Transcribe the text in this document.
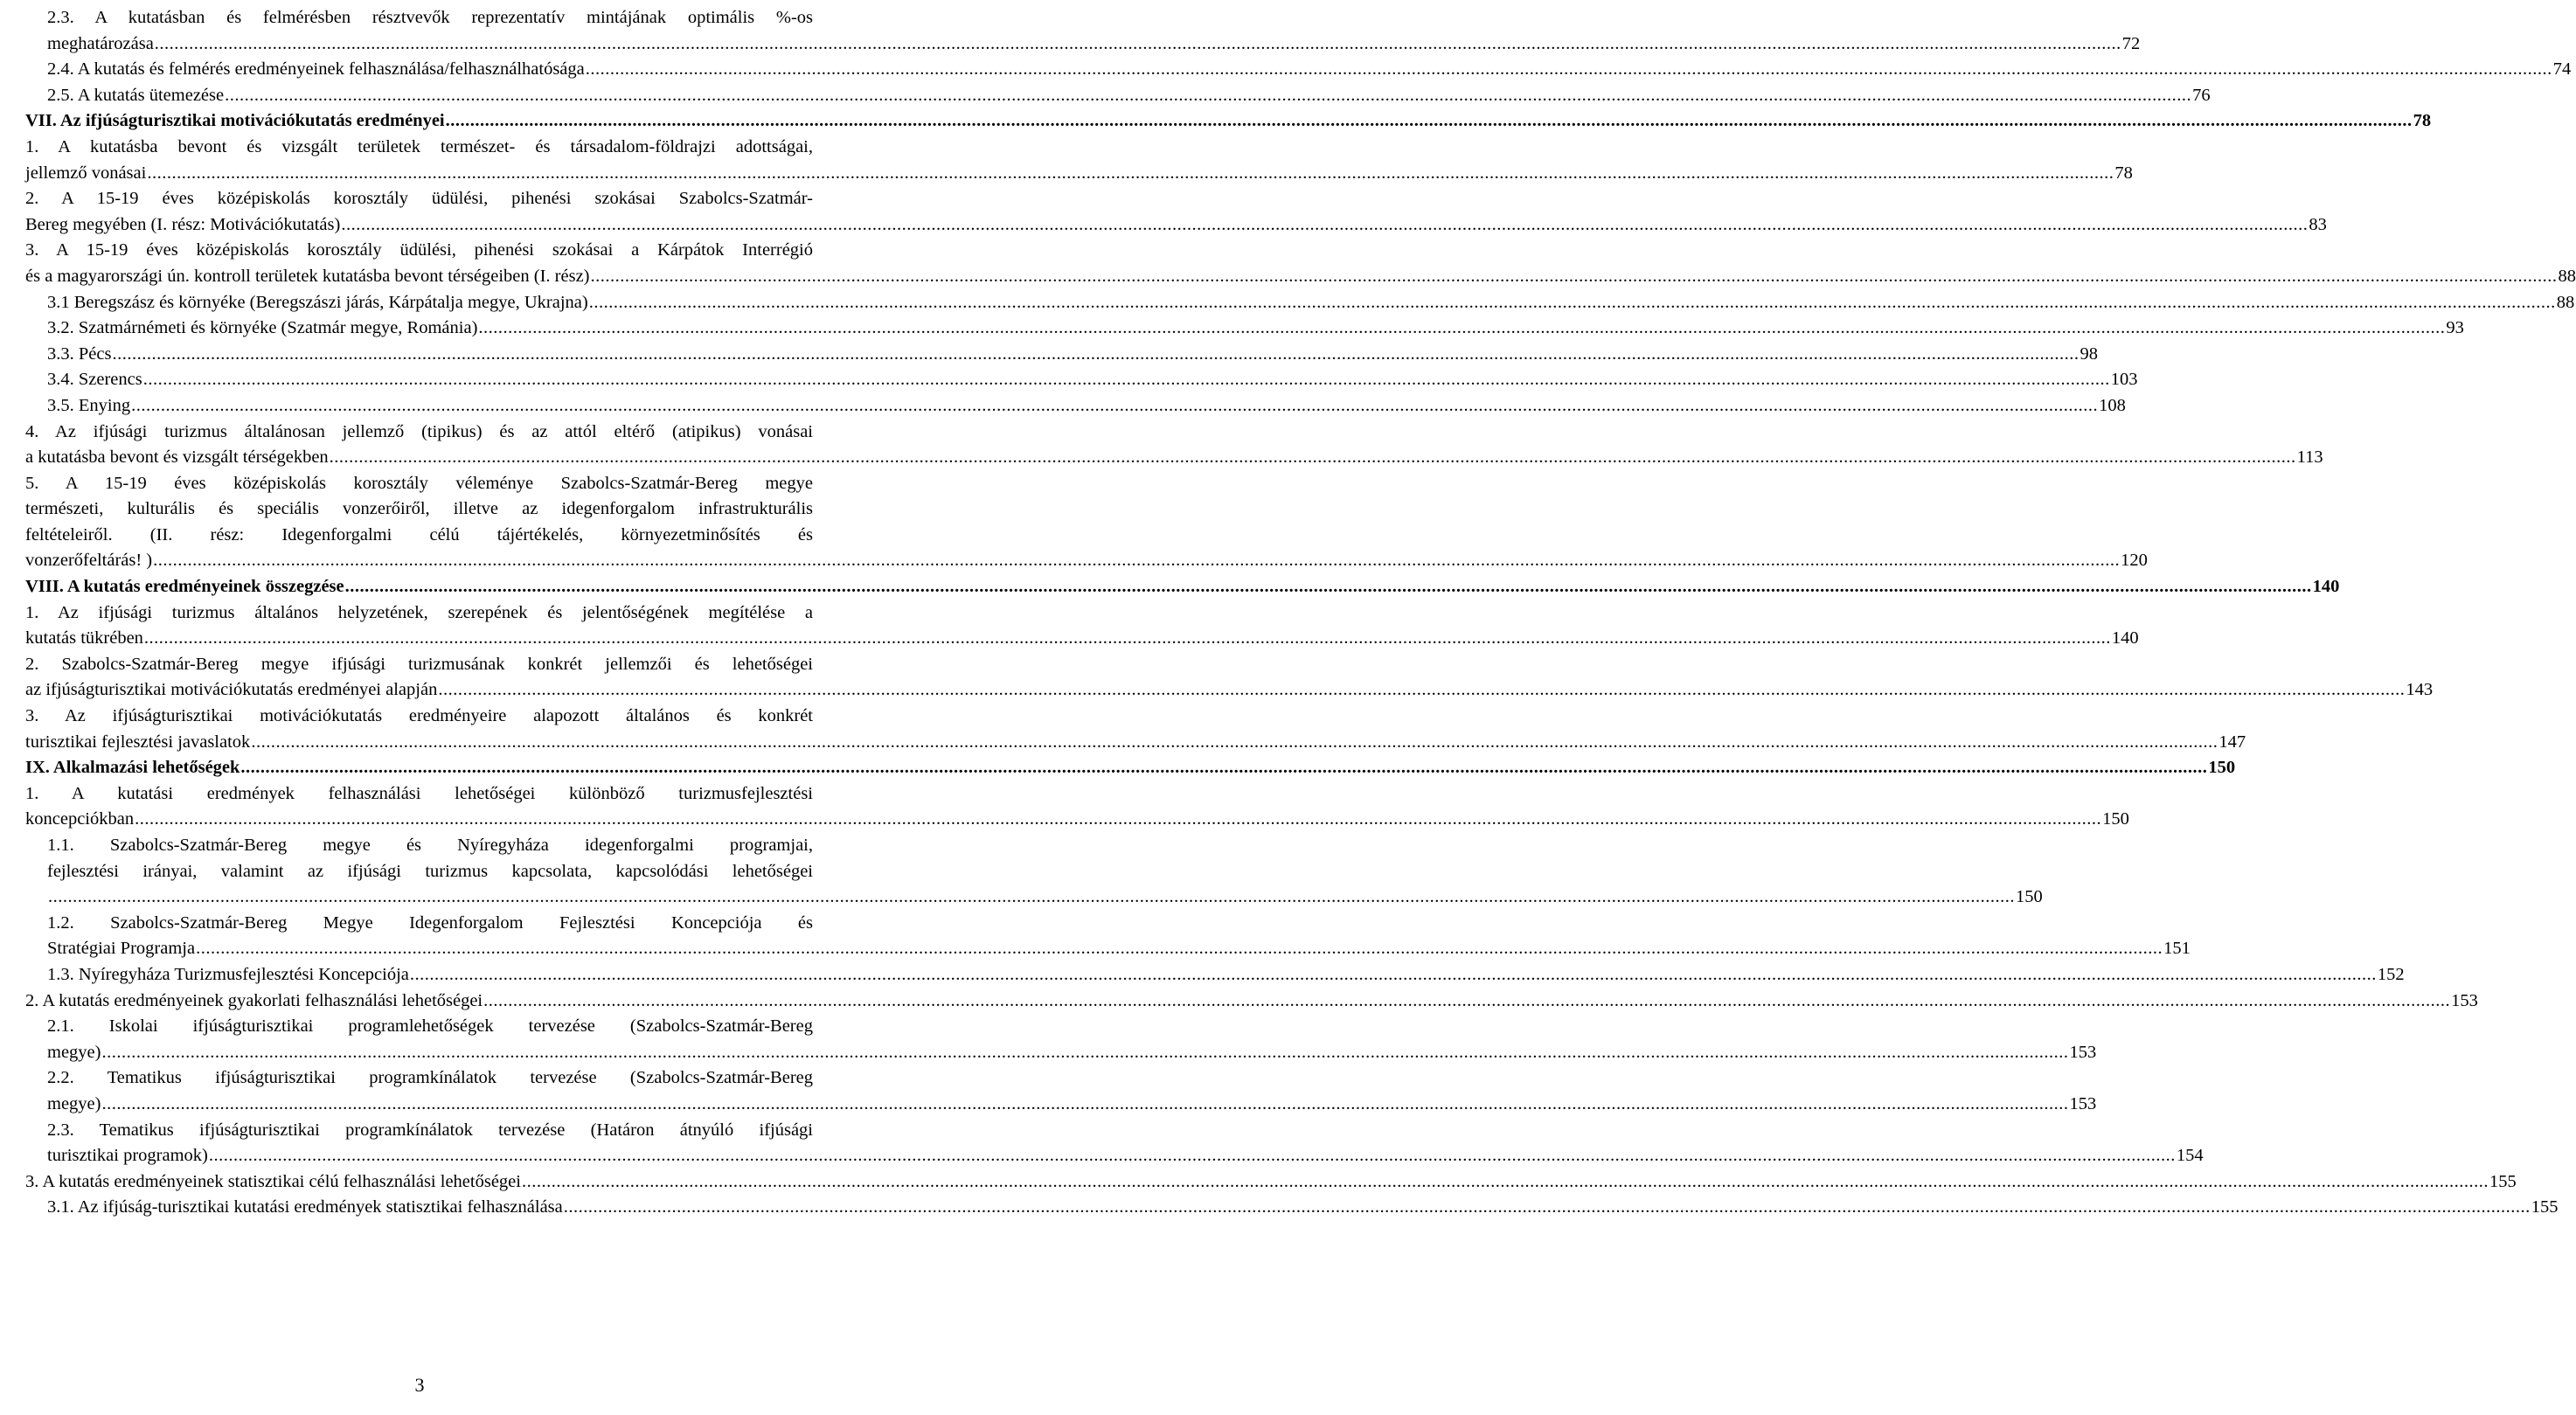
2.3. A kutatásban és felmérésben résztvevők reprezentatív mintájának optimális %-os
meghatározása ................................................................................................................................................................................................................................................................................................................................................................................................................ 72
2.4. A kutatás és felmérés eredményeinek felhasználása/felhasználhatósága ................................................................................................................................................................................................................................................................................................................................................................................................................ 74
2.5. A kutatás ütemezése ................................................................................................................................................................................................................................................................................................................................................................................................................ 76
VII. Az ifjúságturisztikai motivációkutatás eredményei ................................................................................................................................................................................................................................................................................................................................................................................................................ 78
1. A kutatásba bevont és vizsgált területek természet- és társadalom-földrajzi adottságai,
jellemző vonásai ................................................................................................................................................................................................................................................................................................................................................................................................................ 78
2. A 15-19 éves középiskolás korosztály üdülési, pihenési szokásai Szabolcs-Szatmár-
Bereg megyében (I. rész: Motivációkutatás) ................................................................................................................................................................................................................................................................................................................................................................................................................ 83
3. A 15-19 éves középiskolás korosztály üdülési, pihenési szokásai a Kárpátok Interrégió
és a magyarországi ún. kontroll területek kutatásba bevont térségeiben (I. rész) ................................................................................................................................................................................................................................................................................................................................................................................................................ 88
3.1 Beregszász és környéke (Beregszászi járás, Kárpátalja megye, Ukrajna) ................................................................................................................................................................................................................................................................................................................................................................................................................ 88
3.2. Szatmárnémeti és környéke (Szatmár megye, Románia) ................................................................................................................................................................................................................................................................................................................................................................................................................ 93
3.3. Pécs ................................................................................................................................................................................................................................................................................................................................................................................................................ 98
3.4. Szerencs ................................................................................................................................................................................................................................................................................................................................................................................................................ 103
3.5. Enying ................................................................................................................................................................................................................................................................................................................................................................................................................ 108
4. Az ifjúsági turizmus általánosan jellemző (tipikus) és az attól eltérő (atipikus) vonásai
a kutatásba bevont és vizsgált térségekben ................................................................................................................................................................................................................................................................................................................................................................................................................ 113
5. A 15-19 éves középiskolás korosztály véleménye Szabolcs-Szatmár-Bereg megye
természeti, kulturális és speciális vonzerőiről, illetve az idegenforgalom infrastrukturális
feltételeiről. (II. rész: Idegenforgalmi célú tájértékelés, környezetminősítés és
vonzerőfeltárás! ) ................................................................................................................................................................................................................................................................................................................................................................................................................ 120
VIII. A kutatás eredményeinek összegzése ................................................................................................................................................................................................................................................................................................................................................................................................................ 140
1. Az ifjúsági turizmus általános helyzetének, szerepének és jelentőségének megítélése a
kutatás tükrében ................................................................................................................................................................................................................................................................................................................................................................................................................ 140
2. Szabolcs-Szatmár-Bereg megye ifjúsági turizmusának konkrét jellemzői és lehetőségei
az ifjúságturisztikai motivációkutatás eredményei alapján ................................................................................................................................................................................................................................................................................................................................................................................................................ 143
3. Az ifjúságturisztikai motivációkutatás eredményeire alapozott általános és konkrét
turisztikai fejlesztési javaslatok ................................................................................................................................................................................................................................................................................................................................................................................................................ 147
IX. Alkalmazási lehetőségek ................................................................................................................................................................................................................................................................................................................................................................................................................ 150
1. A kutatási eredmények felhasználási lehetőségei különböző turizmusfejlesztési
koncepciókban ................................................................................................................................................................................................................................................................................................................................................................................................................ 150
1.1. Szabolcs-Szatmár-Bereg megye és Nyíregyháza idegenforgalmi programjai,
fejlesztési irányai, valamint az ifjúsági turizmus kapcsolata, kapcsolódási lehetőségei
................................................................................................................................................................................................................................................................................................................................................................................................................ 150
1.2. Szabolcs-Szatmár-Bereg Megye Idegenforgalom Fejlesztési Koncepciója és
Stratégiai Programja ................................................................................................................................................................................................................................................................................................................................................................................................................ 151
1.3. Nyíregyháza Turizmusfejlesztési Koncepciója ................................................................................................................................................................................................................................................................................................................................................................................................................ 152
2. A kutatás eredményeinek gyakorlati felhasználási lehetőségei ................................................................................................................................................................................................................................................................................................................................................................................................................ 153
2.1. Iskolai ifjúságturisztikai programlehetőségek tervezése (Szabolcs-Szatmár-Bereg
megye) ................................................................................................................................................................................................................................................................................................................................................................................................................ 153
2.2. Tematikus ifjúságturisztikai programkínálatok tervezése (Szabolcs-Szatmár-Bereg
megye) ................................................................................................................................................................................................................................................................................................................................................................................................................ 153
2.3. Tematikus ifjúságturisztikai programkínálatok tervezése (Határon átnyúló ifjúsági
turisztikai programok) ................................................................................................................................................................................................................................................................................................................................................................................................................ 154
3. A kutatás eredményeinek statisztikai célú felhasználási lehetőségei ................................................................................................................................................................................................................................................................................................................................................................................................................ 155
3.1. Az ifjúság-turisztikai kutatási eredmények statisztikai felhasználása ................................................................................................................................................................................................................................................................................................................................................................................................................ 155
3
